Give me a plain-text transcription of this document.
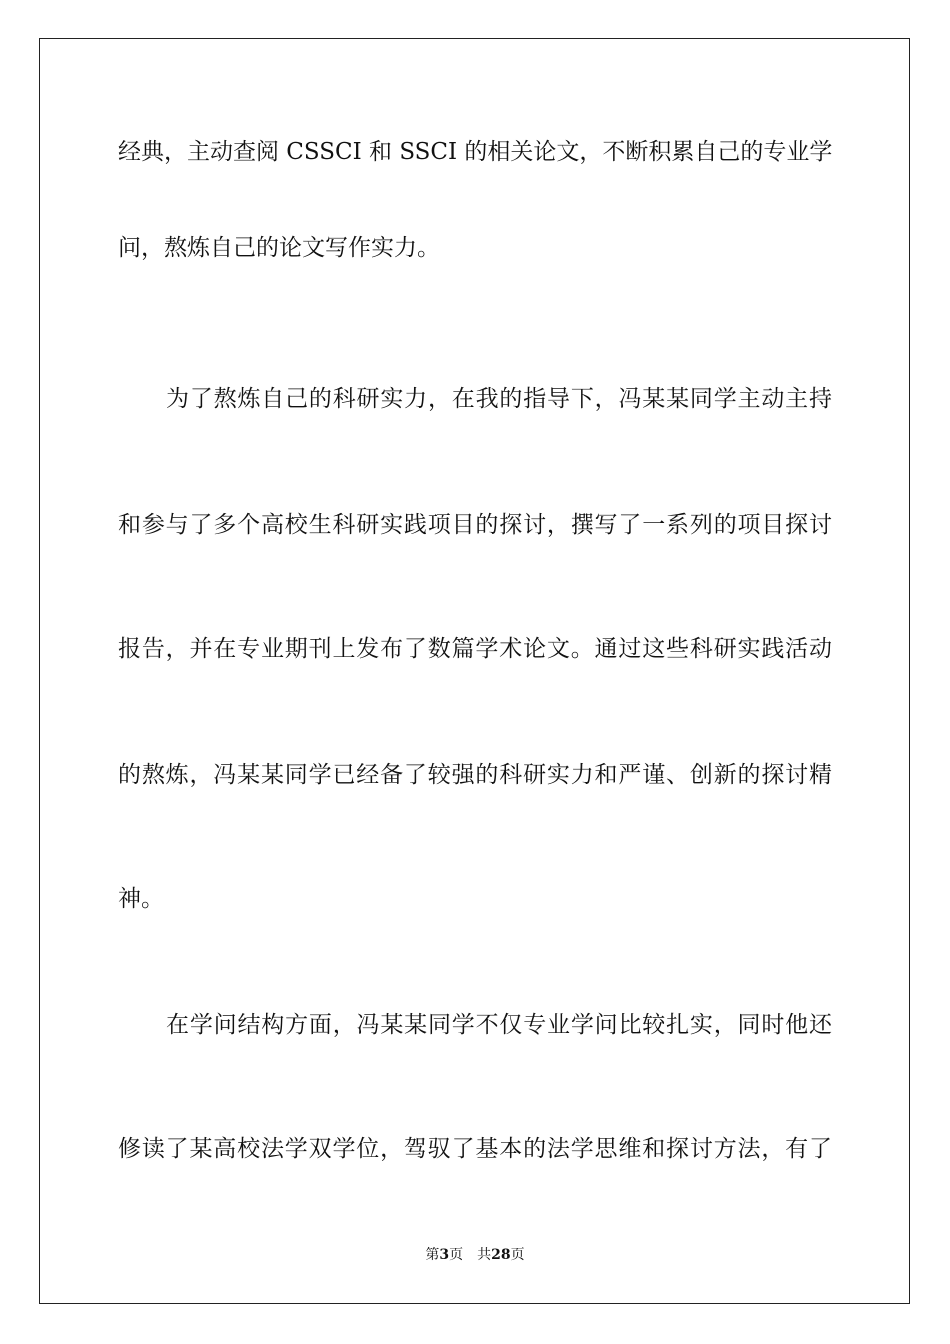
经典，主动查阅 CSSCI 和 SSCI 的相关论文，不断积累自己的专业学
问，熬炼自己的论文写作实力。
为了熬炼自己的科研实力，在我的指导下，冯某某同学主动主持
和参与了多个高校生科研实践项目的探讨，撰写了一系列的项目探讨
报告，并在专业期刊上发布了数篇学术论文。通过这些科研实践活动
的熬炼，冯某某同学已经备了较强的科研实力和严谨、创新的探讨精
神。
在学问结构方面，冯某某同学不仅专业学问比较扎实，同时他还
修读了某高校法学双学位，驾驭了基本的法学思维和探讨方法，有了
第3页 共28页
